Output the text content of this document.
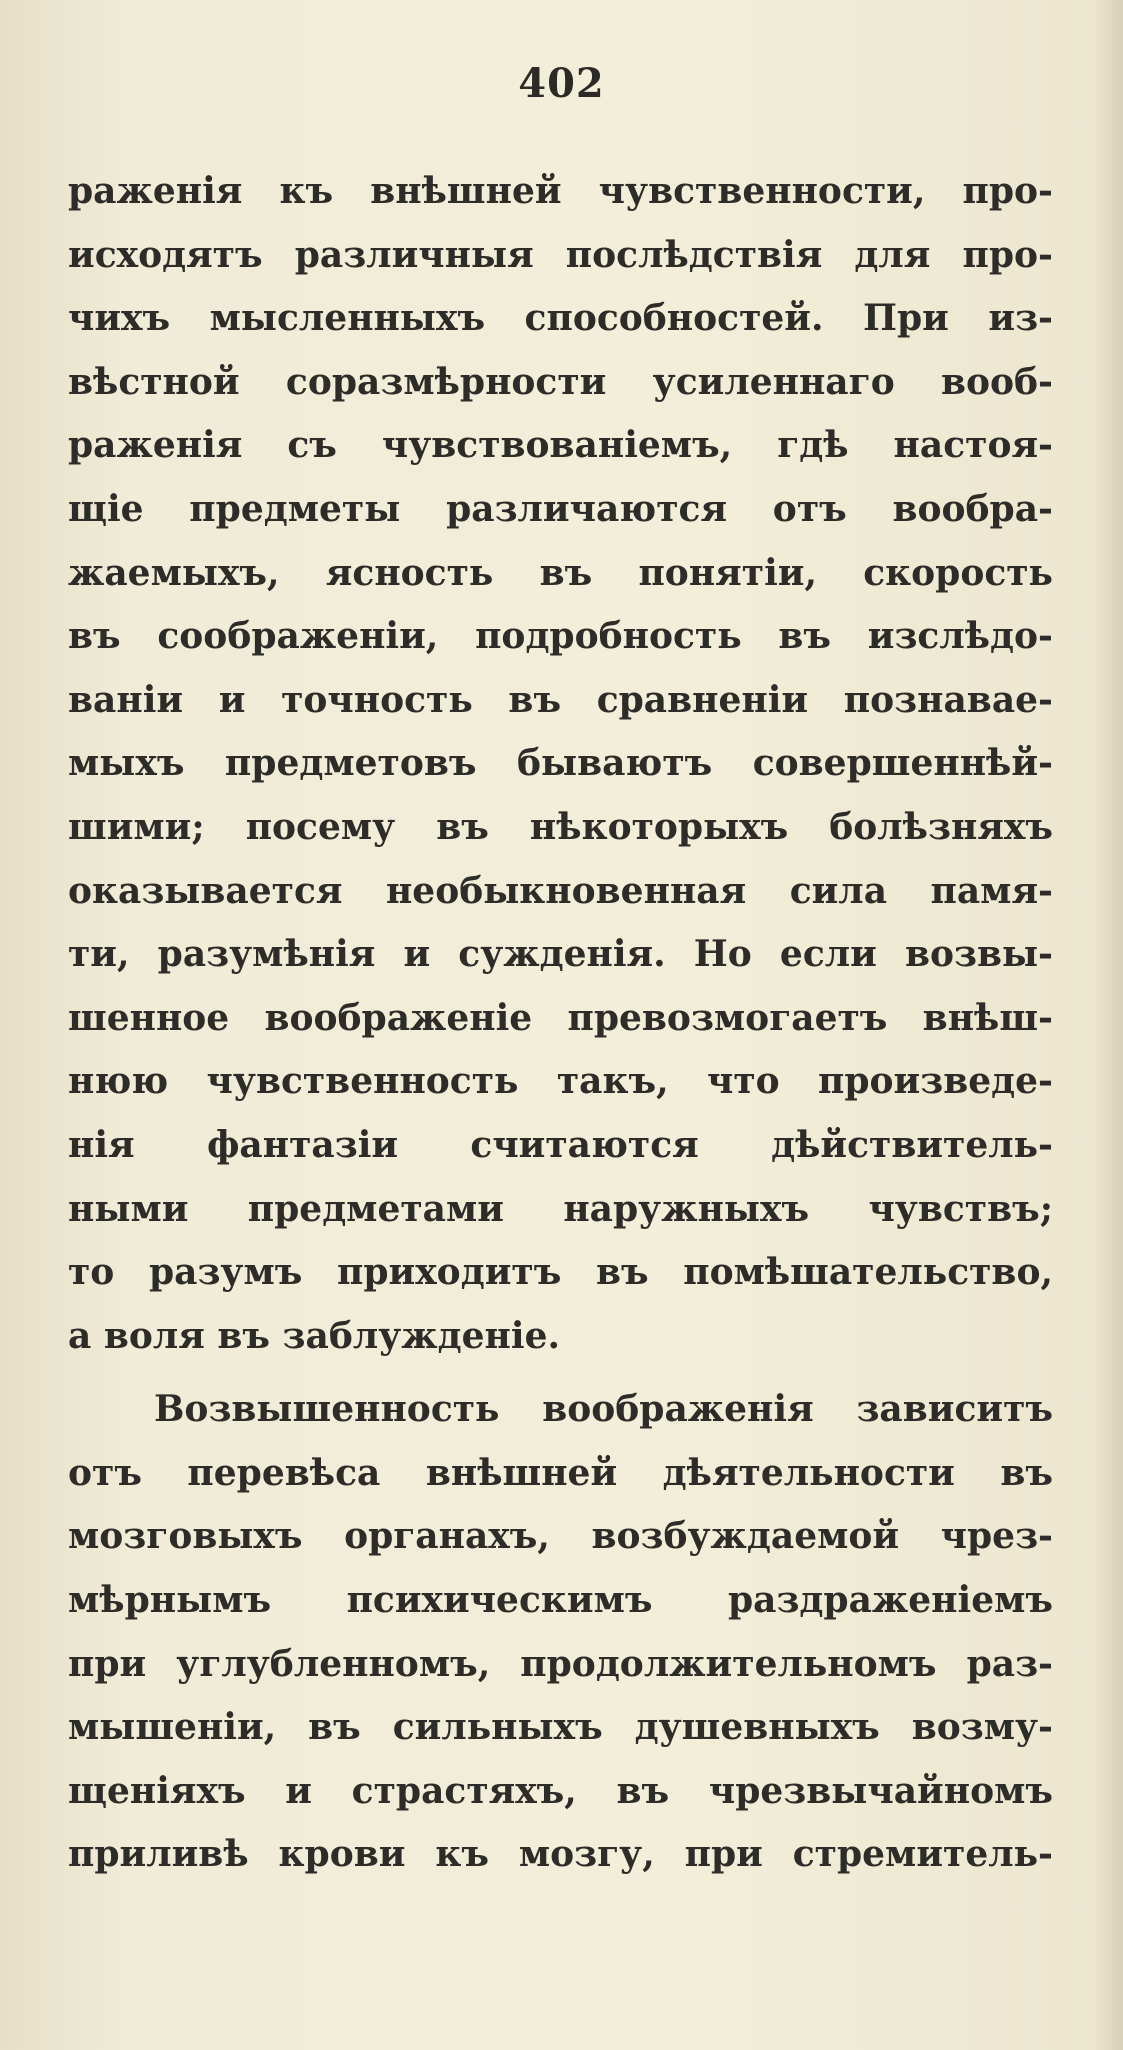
402
раженія къ внѣшней чувственности, про-
исходятъ различныя послѣдствія для про-
чихъ мысленныхъ способностей. При из-
вѣстной соразмѣрности усиленнаго вооб-
раженія съ чувствованіемъ, гдѣ настоя-
щіе предметы различаются отъ вообра-
жаемыхъ, ясность въ понятіи, скорость
въ соображеніи, подробность въ изслѣдо-
ваніи и точность въ сравненіи познавае-
мыхъ предметовъ бываютъ совершеннѣй-
шими; посему въ нѣкоторыхъ болѣзняхъ
оказывается необыкновенная сила памя-
ти, разумѣнія и сужденія. Но если возвы-
шенное воображеніе превозмогаетъ внѣш-
нюю чувственность такъ, что произведе-
нія фантазіи считаются дѣйствитель-
ными предметами наружныхъ чувствъ;
то разумъ приходитъ въ помѣшательство,
а воля въ заблужденіе.
Возвышенность воображенія зависитъ
отъ перевѣса внѣшней дѣятельности въ
мозговыхъ органахъ, возбуждаемой чрез-
мѣрнымъ психическимъ раздраженіемъ
при углубленномъ, продолжительномъ раз-
мышеніи, въ сильныхъ душевныхъ возму-
щеніяхъ и страстяхъ, въ чрезвычайномъ
приливѣ крови къ мозгу, при стремитель-
